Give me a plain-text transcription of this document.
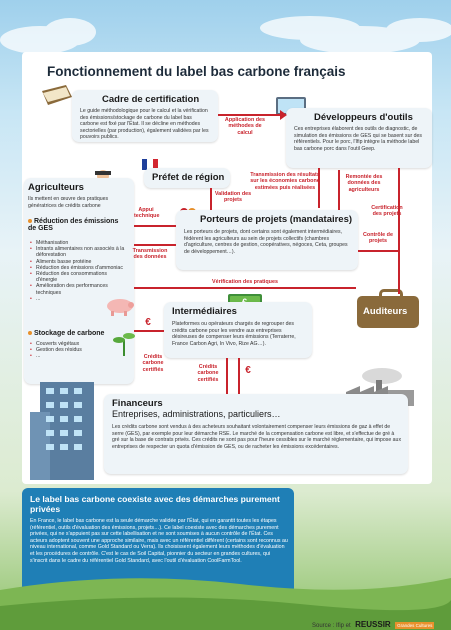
Fonctionnement du label bas carbone français
Cadre de certification
Le guide méthodologique pour le calcul et la vérification des émissions/stockage de carbone du label bas carbone est fixé par l'État. Il se décline en méthodes sectorielles (par production), également validées par les pouvoirs publics.
Développeurs d'outils
Ces entreprises élaborent des outils de diagnostic, de simulation des émissions de GES qui se basent sur des référentiels. Pour le porc, l'Ifip intègre la méthode label bas carbone porc dans l'outil Geep.
Application des méthodes de calcul
Préfet de région
Agriculteurs
Ils mettent en œuvre des pratiques génératrices de crédits carbone
Réduction des émissions de GES
• Méthanisation
• Intrants alimentaires non associés à la déforestation
• Aliments basse protéine
• Réduction des émissions d'ammoniac
• Réduction des consommations d'énergie
• Amélioration des performances techniques
• ...
Stockage de carbone
• Couverts végétaux
• Gestion des résidus
• ...
Porteurs de projets (mandataires)
Les porteurs de projets, dont certains sont également intermédiaires, fédèrent les agriculteurs au sein de projets collectifs (chambres d'agriculture, centres de gestion, coopératives, négoces, Ceta, groupes de développement…).
Auditeurs
Intermédiaires
Plateformes ou opérateurs chargés de regrouper des crédits carbone pour les vendre aux entreprises désireuses de compenser leurs émissions (Terraterre, France Carbon Agri, In Vivo, Rize AG…).
Financeurs
Entreprises, administrations, particuliers…
Les crédits carbone sont vendus à des acheteurs souhaitant volontairement compenser leurs émissions de gaz à effet de serre (GES), par exemple pour leur démarche RSE. Le marché de la compensation carbone est libre, et s'effectue de gré à gré sur la base de contrats privés. Ces crédits ne sont pas pour l'heure cessibles sur le marché réglementaire, qui impose aux entreprises de respecter un quota d'émission de GES, ou de racheter les émissions excédentaires.
Transmission des résultats sur les économies carbone estimées puis réalisées
Remontée des données des agriculteurs
Validation des projets
Appui technique
Transmission des données
Certification des projets
Contrôle de projets
Vérification des pratiques
€
Crédits carbone certifiés	Crédits carbone certifiés
€
Le label bas carbone coexiste avec des démarches purement privées
En France, le label bas carbone est la seule démarche validée par l'État, qui en garantit toutes les étapes (référentiel, outils d'évaluation des émissions, projets…). Ce label coexiste avec des démarches purement privées, qui ne s'appuient pas sur cette labellisation et ne sont soumises à aucun contrôle de l'État. Ces acteurs adoptent souvent une approche similaire, mais avec un référentiel différent (certains sont reconnus au niveau international, comme Gold Standard ou Verra). Ils choisissent également leurs méthodes d'évaluation et les procédures de contrôle. C'est le cas de Soil Capital, pionnier du secteur en grandes cultures, qui s'inscrit dans le cadre du référentiel Gold Standard, avec l'outil d'évaluation CoolFarmTool.
Source : Ifip et REUSSIR Grandes Cultures
